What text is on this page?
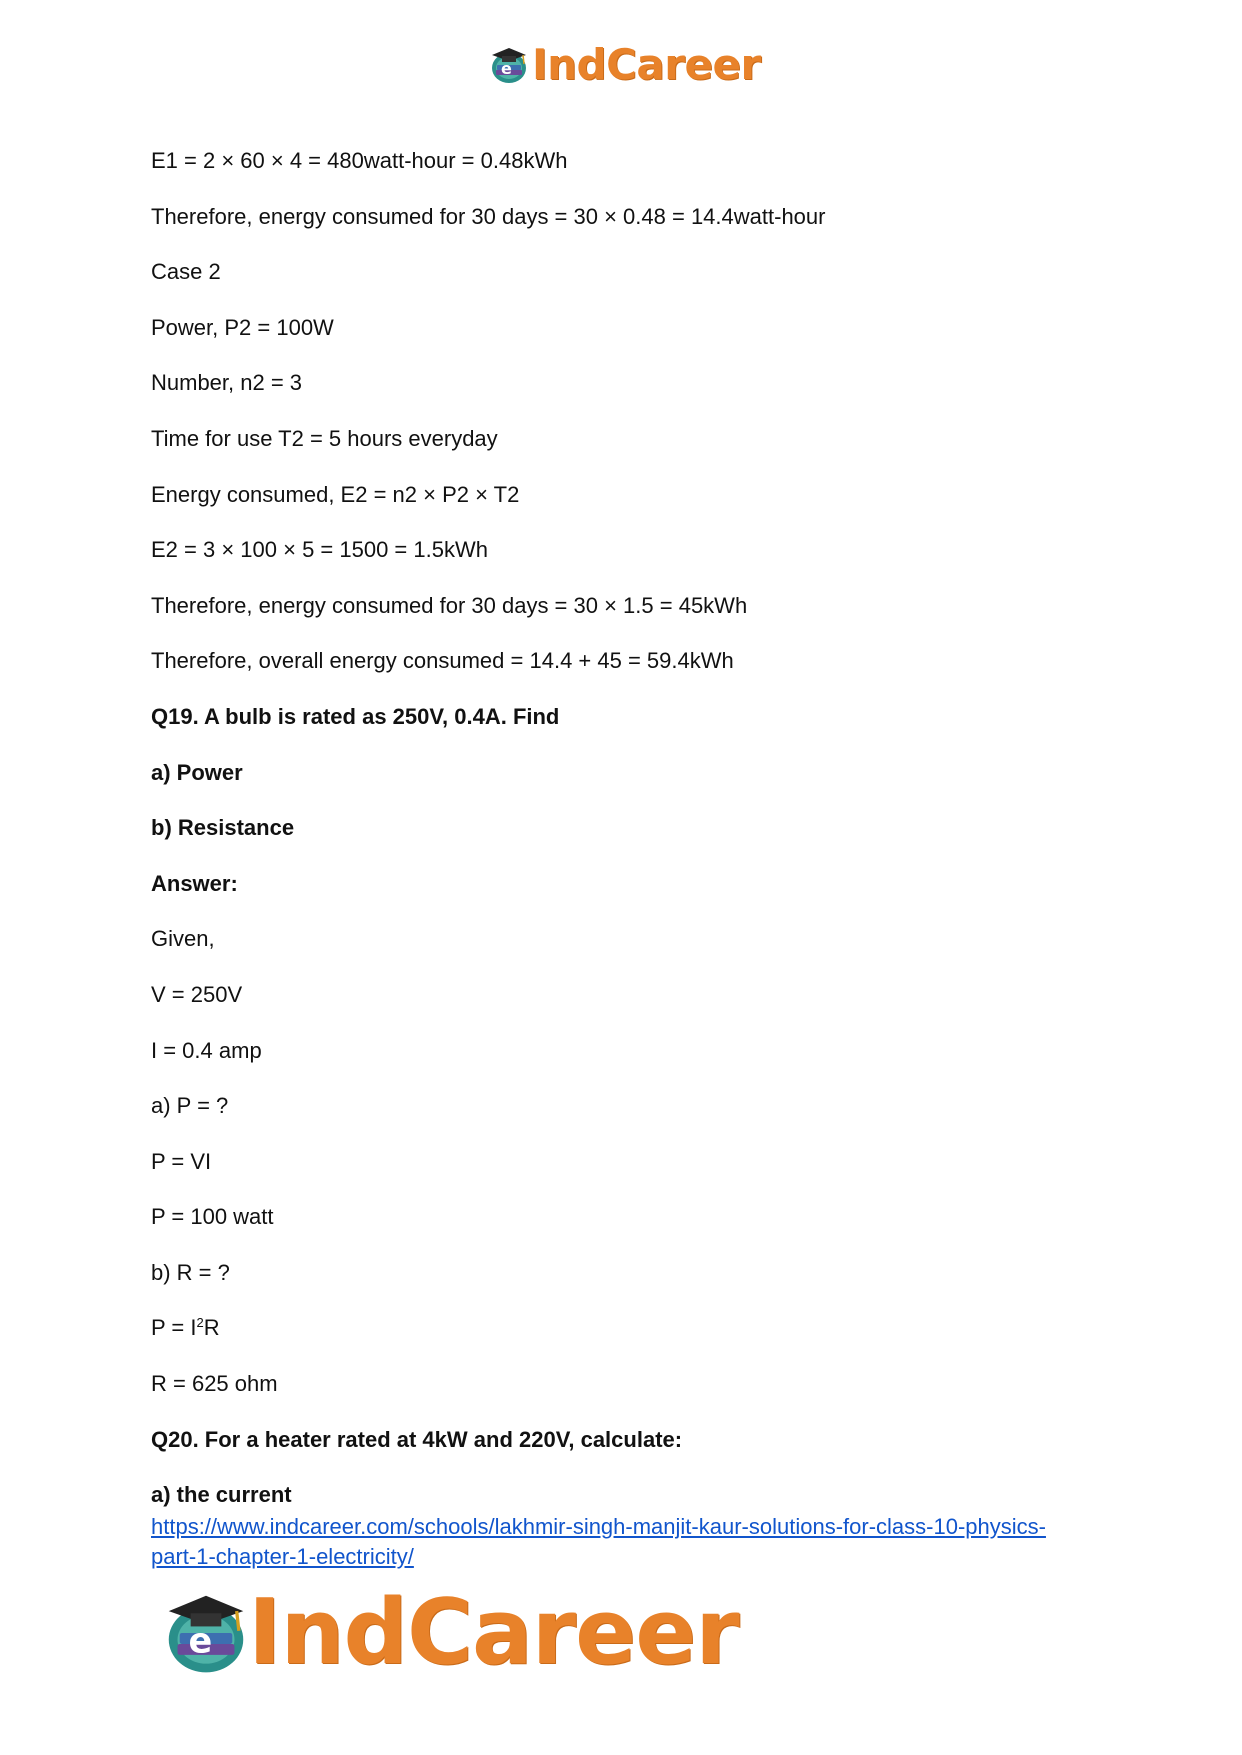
e IndCareer
E1 = 2 × 60 × 4 = 480watt-hour = 0.48kWh
Therefore, energy consumed for 30 days = 30 × 0.48 = 14.4watt-hour
Case 2
Power, P2 = 100W
Number, n2 = 3
Time for use T2 = 5 hours everyday
Energy consumed, E2 = n2 × P2 × T2
E2 = 3 × 100 × 5 = 1500 = 1.5kWh
Therefore, energy consumed for 30 days = 30 × 1.5 = 45kWh
Therefore, overall energy consumed = 14.4 + 45 = 59.4kWh
Q19. A bulb is rated as 250V, 0.4A. Find
a) Power
b) Resistance
Answer:
Given,
V = 250V
I = 0.4 amp
a) P = ?
P = VI
P = 100 watt
b) R = ?
$P = I^2R$
R = 625 ohm
Q20. For a heater rated at 4kW and 220V, calculate:
a) the current
https://www.indcareer.com/schools/lakhmir-singh-manjit-kaur-solutions-for-class-10-physics-
part-1-chapter-1-electricity/
e IndCareer
